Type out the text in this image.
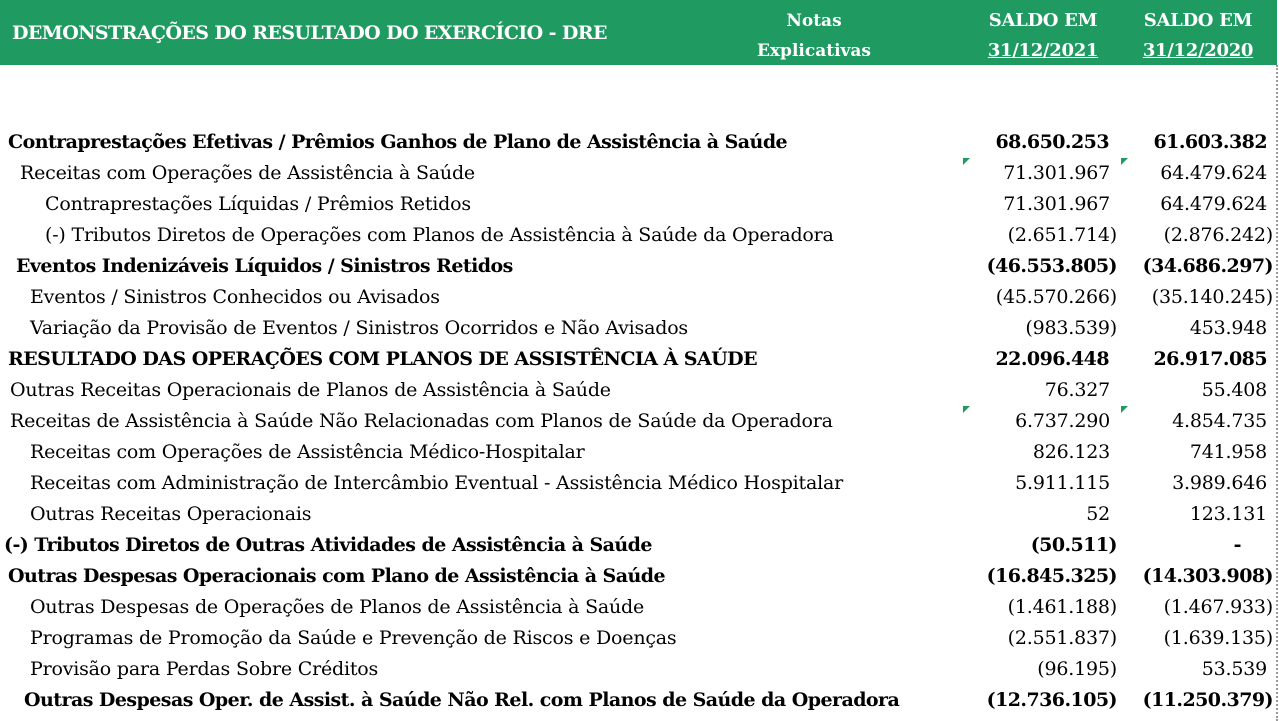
DEMONSTRAÇÕES DO RESULTADO DO EXERCÍCIO - DRE
Notas
Explicativas
SALDO EM
31/12/2021
SALDO EM
31/12/2020
Contraprestações Efetivas / Prêmios Ganhos de Plano de Assistência à Saúde	68.650.253	61.603.382
Receitas com Operações de Assistência à Saúde	71.301.967	64.479.624
Contraprestações Líquidas / Prêmios Retidos	71.301.967	64.479.624
(-) Tributos Diretos de Operações com Planos de Assistência à Saúde da Operadora	(2.651.714)	(2.876.242)
Eventos Indenizáveis Líquidos / Sinistros Retidos	(46.553.805)	(34.686.297)
Eventos / Sinistros Conhecidos ou Avisados	(45.570.266)	(35.140.245)
Variação da Provisão de Eventos / Sinistros Ocorridos e Não Avisados	(983.539)	453.948
RESULTADO DAS OPERAÇÕES COM PLANOS DE ASSISTÊNCIA À SAÚDE	22.096.448	26.917.085
Outras Receitas Operacionais de Planos de Assistência à Saúde	76.327	55.408
Receitas de Assistência à Saúde Não Relacionadas com Planos de Saúde da Operadora	6.737.290	4.854.735
Receitas com Operações de Assistência Médico-Hospitalar	826.123	741.958
Receitas com Administração de Intercâmbio Eventual - Assistência Médico Hospitalar	5.911.115	3.989.646
Outras Receitas Operacionais	52	123.131
(-) Tributos Diretos de Outras Atividades de Assistência à Saúde	(50.511)	-
Outras Despesas Operacionais com Plano de Assistência à Saúde	(16.845.325)	(14.303.908)
Outras Despesas de Operações de Planos de Assistência à Saúde	(1.461.188)	(1.467.933)
Programas de Promoção da Saúde e Prevenção de Riscos e Doenças	(2.551.837)	(1.639.135)
Provisão para Perdas Sobre Créditos	(96.195)	53.539
Outras Despesas Oper. de Assist. à Saúde Não Rel. com Planos de Saúde da Operadora	(12.736.105)	(11.250.379)
